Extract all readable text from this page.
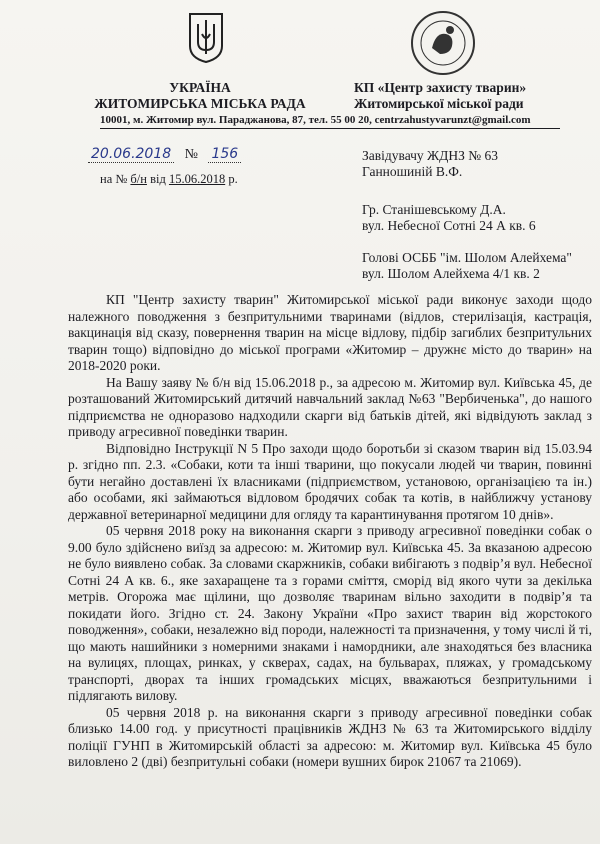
УКРАЇНА
ЖИТОМИРСЬКА МІСЬКА РАДА
КП «Центр захисту тварин»
Житомирської міської ради
10001, м. Житомир вул. Параджанова, 87, тел. 55 00 20, centrzahustyvarunzt@gmail.com
20.06.2018 № 156
на № б/н від 15.06.2018 р.
Завідувачу ЖДНЗ № 63
Ганношиній В.Ф.
Гр. Станішевському Д.А.
вул. Небесної Сотні 24 А кв. 6
Голові ОСББ "ім. Шолом Алейхема"
вул. Шолом Алейхема 4/1 кв. 2

КП "Центр захисту тварин" Житомирської міської ради виконує заходи щодо належного поводження з безпритульними тваринами (відлов, стерилізація, кастрація, вакцинація від сказу, повернення тварин на місце відлову, підбір загиблих безпритульних тварин тощо) відповідно до міської програми «Житомир – дружнє місто до тварин» на 2018-2020 роки.

На Вашу заяву № б/н від 15.06.2018 р., за адресою м. Житомир вул. Київська 45, де розташований Житомирський дитячий навчальний заклад №63 "Вербиченька", до нашого підприємства не одноразово надходили скарги від батьків дітей, які відвідують заклад з приводу агресивної поведінки тварин.

Відповідно Інструкції N 5 Про заходи щодо боротьби зі сказом тварин від 15.03.94 р. згідно пп. 2.3. «Собаки, коти та інші тварини, що покусали людей чи тварин, повинні бути негайно доставлені їх власниками (підприємством, установою, організацією та ін.) або особами, які займаються відловом бродячих собак та котів, в найближчу установу державної ветеринарної медицини для огляду та карантинування протягом 10 днів».

05 червня 2018 року на виконання скарги з приводу агресивної поведінки собак о 9.00 було здійснено виїзд за адресою: м. Житомир вул. Київська 45. За вказаною адресою не було виявлено собак. За словами скаржників, собаки вибігають з подвір’я вул. Небесної Сотні 24 А кв. 6., яке захаращене та з горами сміття, сморід від якого чути за декілька метрів. Огорожа має щілини, що дозволяє тваринам вільно заходити в подвір’я та покидати його. Згідно ст. 24. Закону України «Про захист тварин від жорстокого поводження», собаки, незалежно від породи, належності та призначення, у тому числі й ті, що мають нашийники з номерними знаками і намордники, але знаходяться без власника на вулицях, площах, ринках, у скверах, садах, на бульварах, пляжах, у громадському транспорті, дворах та інших громадських місцях, вважаються безпритульними і підлягають вилову.

05 червня 2018 р. на виконання скарги з приводу агресивної поведінки собак близько 14.00 год. у присутності працівників ЖДНЗ № 63 та Житомирського відділу поліції ГУНП в Житомирській області за адресою: м. Житомир вул. Київська 45 було виловлено 2 (дві) безпритульні собаки (номери вушних бирок 21067 та 21069).
